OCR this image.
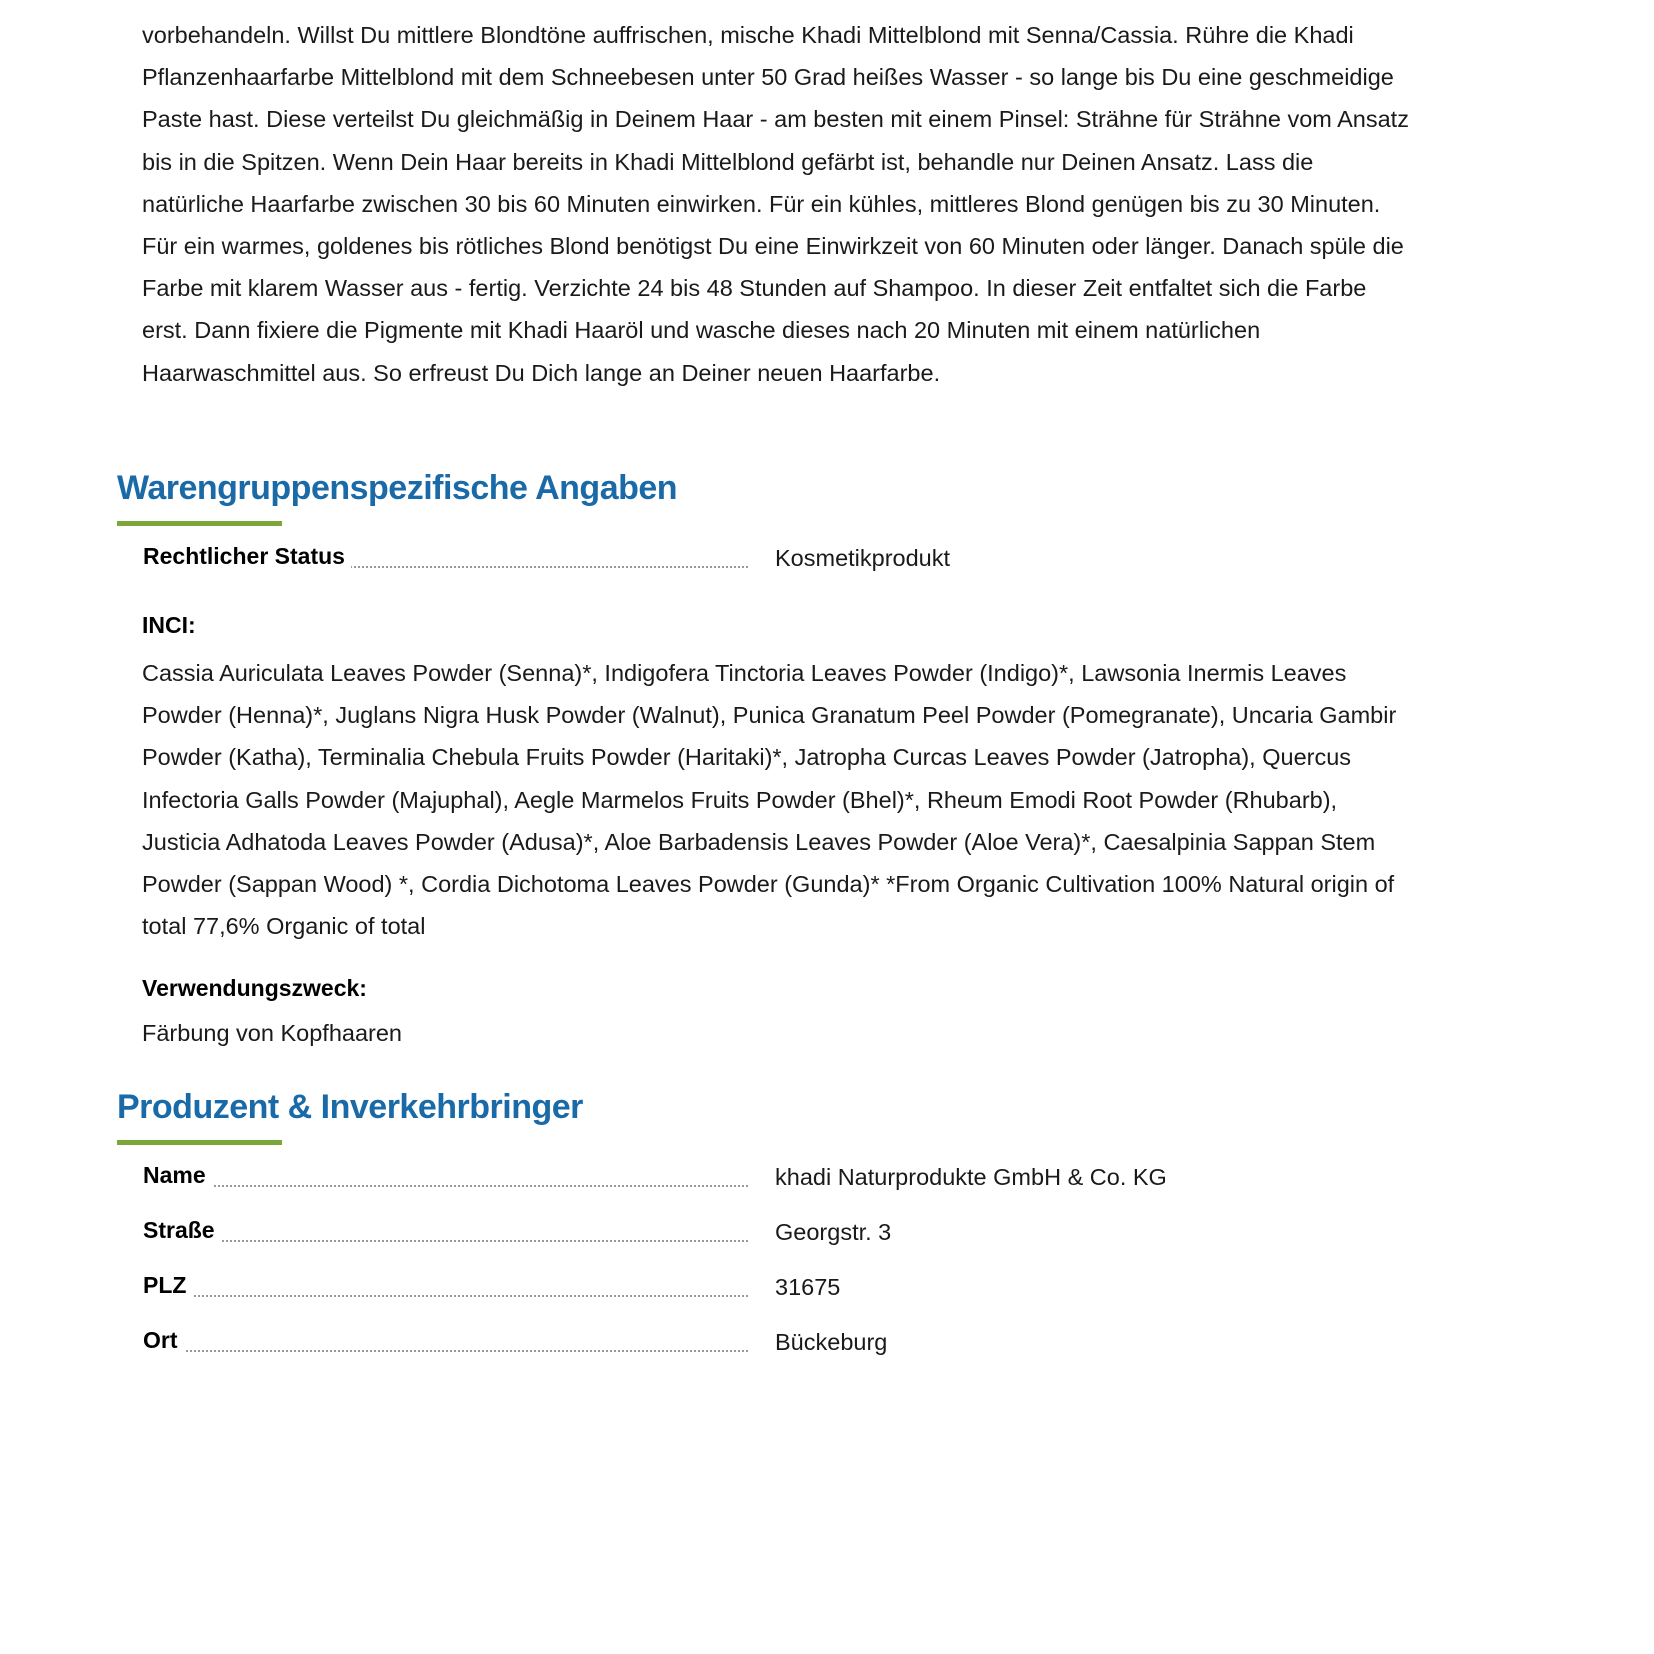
vorbehandeln. Willst Du mittlere Blondtöne auffrischen, mische Khadi Mittelblond mit Senna/Cassia. Rühre die Khadi Pflanzenhaarfarbe Mittelblond mit dem Schneebesen unter 50 Grad heißes Wasser - so lange bis Du eine geschmeidige Paste hast. Diese verteilst Du gleichmäßig in Deinem Haar - am besten mit einem Pinsel: Strähne für Strähne vom Ansatz bis in die Spitzen. Wenn Dein Haar bereits in Khadi Mittelblond gefärbt ist, behandle nur Deinen Ansatz. Lass die natürliche Haarfarbe zwischen 30 bis 60 Minuten einwirken. Für ein kühles, mittleres Blond genügen bis zu 30 Minuten. Für ein warmes, goldenes bis rötliches Blond benötigst Du eine Einwirkzeit von 60 Minuten oder länger. Danach spüle die Farbe mit klarem Wasser aus - fertig. Verzichte 24 bis 48 Stunden auf Shampoo. In dieser Zeit entfaltet sich die Farbe erst. Dann fixiere die Pigmente mit Khadi Haaröl und wasche dieses nach 20 Minuten mit einem natürlichen Haarwaschmittel aus. So erfreust Du Dich lange an Deiner neuen Haarfarbe.

Warengruppenspezifische Angaben
Rechtlicher Status	Kosmetikprodukt
INCI:

Cassia Auriculata Leaves Powder (Senna)*, Indigofera Tinctoria Leaves Powder (Indigo)*, Lawsonia Inermis Leaves Powder (Henna)*, Juglans Nigra Husk Powder (Walnut), Punica Granatum Peel Powder (Pomegranate), Uncaria Gambir Powder (Katha), Terminalia Chebula Fruits Powder (Haritaki)*, Jatropha Curcas Leaves Powder (Jatropha), Quercus Infectoria Galls Powder (Majuphal), Aegle Marmelos Fruits Powder (Bhel)*, Rheum Emodi Root Powder (Rhubarb), Justicia Adhatoda Leaves Powder (Adusa)*, Aloe Barbadensis Leaves Powder (Aloe Vera)*, Caesalpinia Sappan Stem Powder (Sappan Wood) *, Cordia Dichotoma Leaves Powder (Gunda)* *From Organic Cultivation 100% Natural origin of total 77,6% Organic of total

Verwendungszweck:

Färbung von Kopfhaaren

Produzent & Inverkehrbringer
Name	khadi Naturprodukte GmbH & Co. KG
Straße	Georgstr. 3
PLZ	31675
Ort	Bückeburg
